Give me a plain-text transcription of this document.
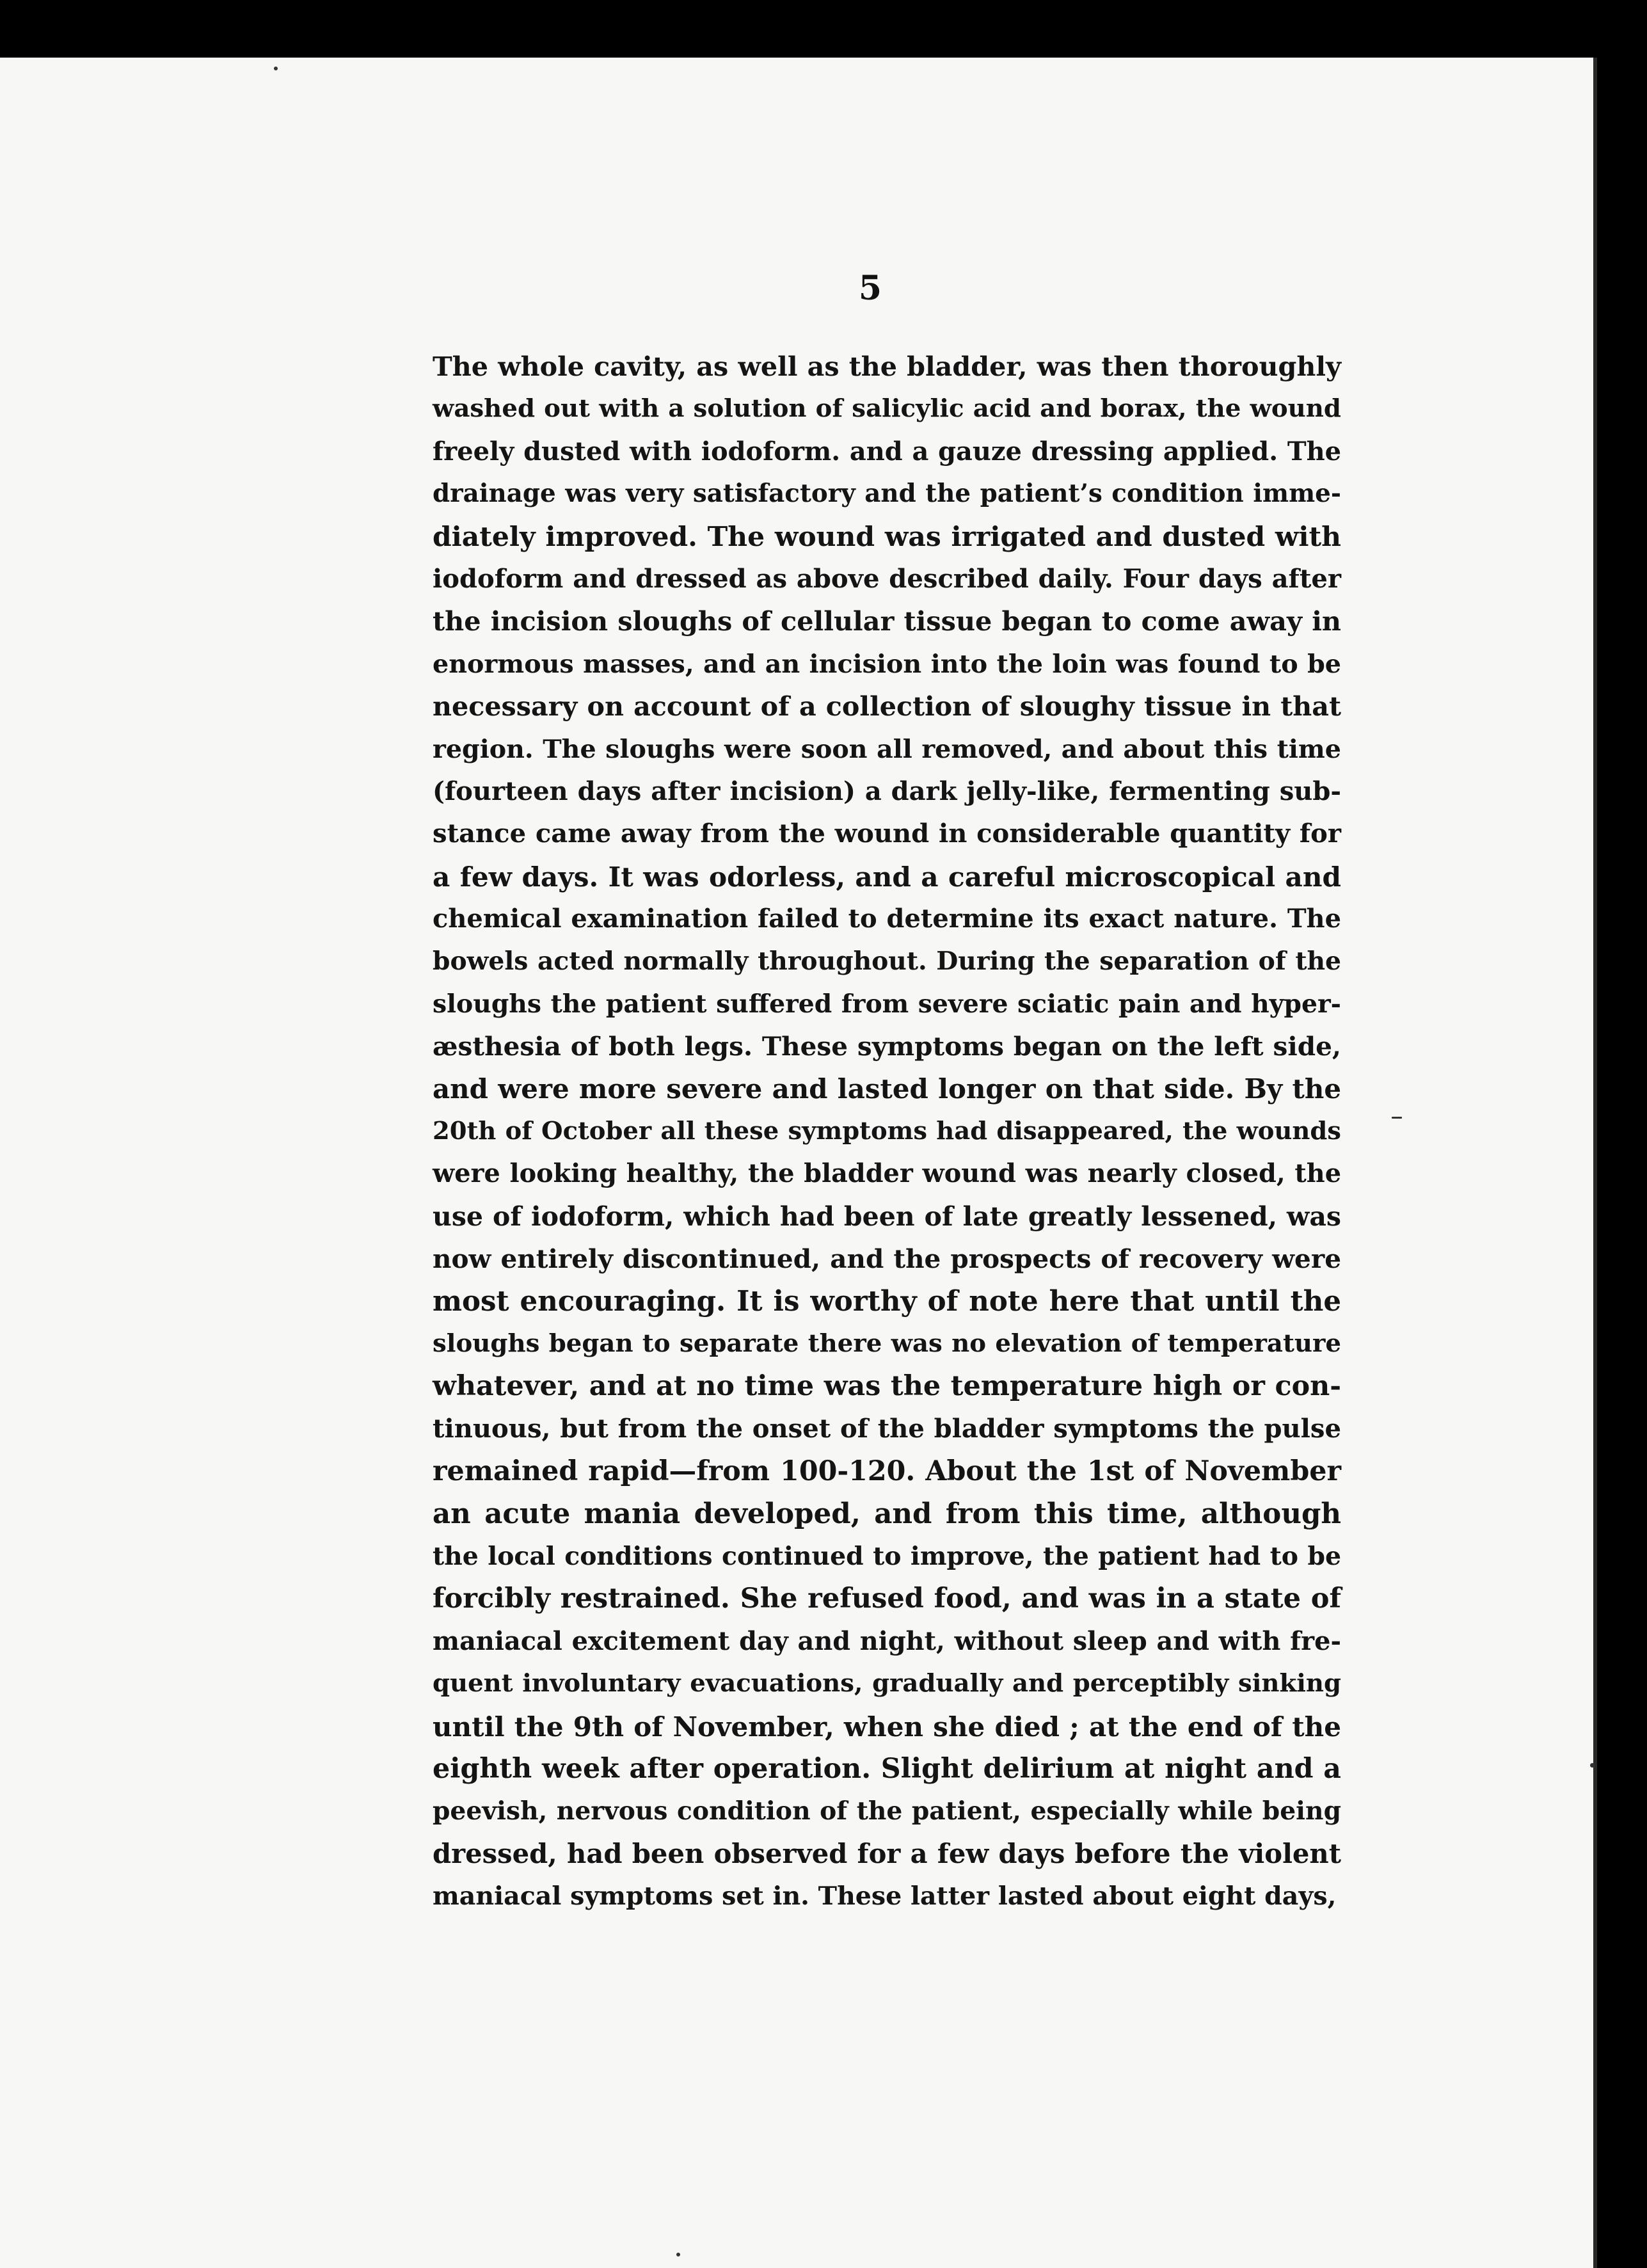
5
The whole cavity, as well as the bladder, was then thoroughly
washed out with a solution of salicylic acid and borax, the wound
freely dusted with iodoform. and a gauze dressing applied. The
drainage was very satisfactory and the patient’s condition imme-
diately improved. The wound was irrigated and dusted with
iodoform and dressed as above described daily. Four days after
the incision sloughs of cellular tissue began to come away in
enormous masses, and an incision into the loin was found to be
necessary on account of a collection of sloughy tissue in that
region. The sloughs were soon all removed, and about this time
(fourteen days after incision) a dark jelly-like, fermenting sub-
stance came away from the wound in considerable quantity for
a few days. It was odorless, and a careful microscopical and
chemical examination failed to determine its exact nature. The
bowels acted normally throughout. During the separation of the
sloughs the patient suffered from severe sciatic pain and hyper-
æsthesia of both legs. These symptoms began on the left side,
and were more severe and lasted longer on that side. By the
20th of October all these symptoms had disappeared, the wounds
were looking healthy, the bladder wound was nearly closed, the
use of iodoform, which had been of late greatly lessened, was
now entirely discontinued, and the prospects of recovery were
most encouraging. It is worthy of note here that until the
sloughs began to separate there was no elevation of temperature
whatever, and at no time was the temperature high or con-
tinuous, but from the onset of the bladder symptoms the pulse
remained rapid—from 100-120. About the 1st of November
an acute mania developed, and from this time, although
the local conditions continued to improve, the patient had to be
forcibly restrained. She refused food, and was in a state of
maniacal excitement day and night, without sleep and with fre-
quent involuntary evacuations, gradually and perceptibly sinking
until the 9th of November, when she died ; at the end of the
eighth week after operation. Slight delirium at night and a
peevish, nervous condition of the patient, especially while being
dressed, had been observed for a few days before the violent
maniacal symptoms set in. These latter lasted about eight days,
